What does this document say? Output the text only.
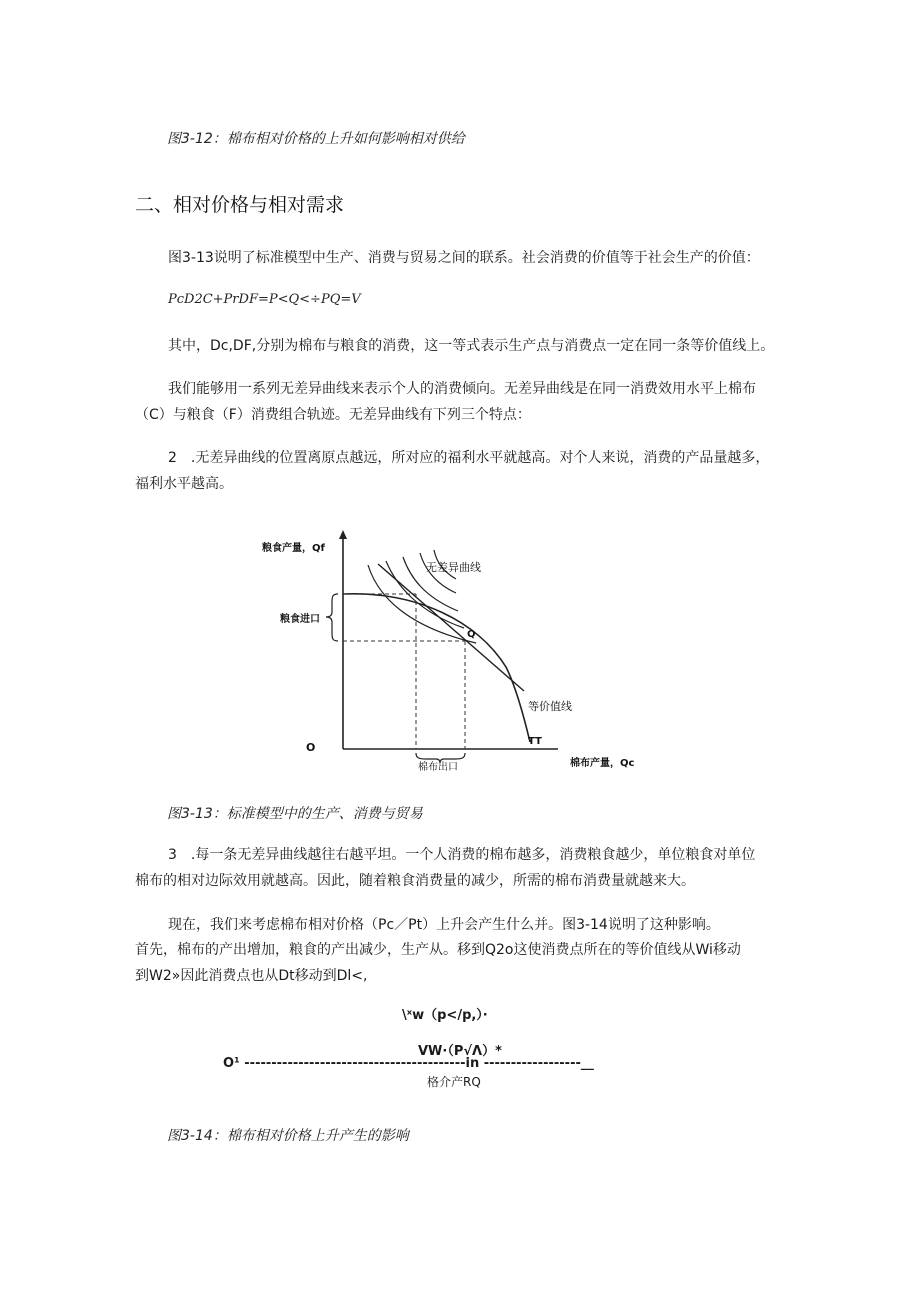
图3-12：棉布相对价格的上升如何影响相对供给
二、相对价格与相对需求
图3-13说明了标准模型中生产、消费与贸易之间的联系。社会消费的价值等于社会生产的价值：
PcD2C+PrDF=P<Q<÷PQ=V
其中，Dc,DF,分别为棉布与粮食的消费，这一等式表示生产点与消费点一定在同一条等价值线上。
我们能够用一系列无差异曲线来表示个人的消费倾向。无差异曲线是在同一消费效用水平上棉布
（C）与粮食（F）消费组合轨迹。无差异曲线有下列三个特点：
2　.无差异曲线的位置离原点越远，所对应的福利水平就越高。对个人来说，消费的产品量越多，
福利水平越高。
粮食产量，Qf
无差异曲线
粮食进口
Q
等价值线
TT
O
棉布产量，Qc
棉布出口
图3-13：标准模型中的生产、消费与贸易
3　.每一条无差异曲线越往右越平坦。一个人消费的棉布越多，消费粮食越少，单位粮食对单位
棉布的相对边际效用就越高。因此，随着粮食消费量的减少，所需的棉布消费量就越来大。
现在，我们来考虑棉布相对价格（Pc／Pt）上升会产生什么并。图3-14说明了这种影响。
首先，棉布的产出增加，粮食的产出减少，生产从。移到Q2o这使消费点所在的等价值线从Wi移动
到W2»因此消费点也从Dt移动到Dl<,
\ˣw（p</p,）·
VW·（P√Λ）*
O¹ -----------------------------------------in ------------------__
格介产RQ
图3-14：棉布相对价格上升产生的影响
